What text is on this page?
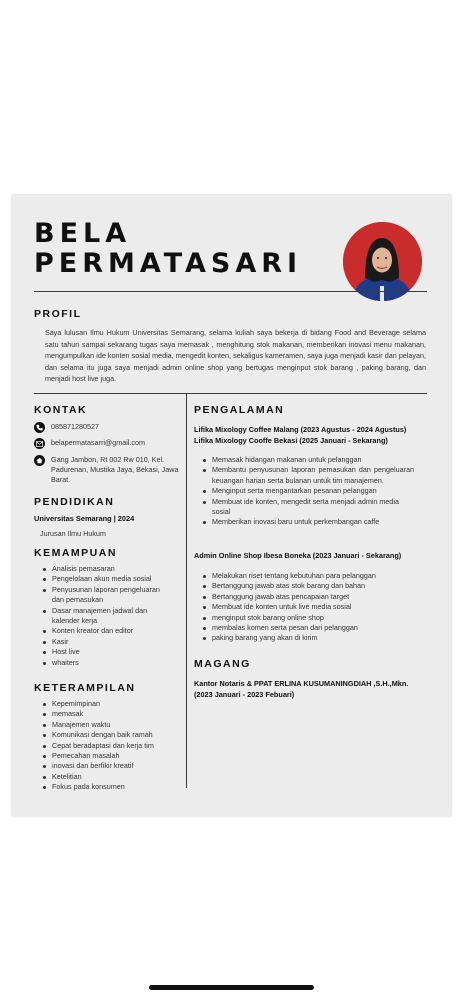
BELA
PERMATASARI
PROFIL
Saya lulusan Ilmu Hukum Universitas Semarang, selama kuliah saya bekerja di bidang Food and Beverage selama satu tahun sampai sekarang tugas saya memasak , menghitung stok makanan, memberikan inovasi menu makanan, mengumpulkan ide konten sosial media, mengedit konten, sekaligus kameramen, saya juga menjadi kasir dan pelayan, dan selama itu juga saya menjadi admin online shop yang bertugas menginput stok barang , paking barang, dan menjadi host live juga.
KONTAK
085871280527
belapermatasarri@gmail.com
Gang Jambon, Rt 002 Rw 010, Kel. Padurenan, Mustika Jaya, Bekasi, Jawa Barat.
PENDIDIKAN
Universitas Semarang | 2024
Jurusan Ilmu Hukum
KEMAMPUAN
Analisis pemasaran
Pengelolaan akun media sosial
Penyusunan laporan pengeluaran dan pemasukan
Dasar manajemen jadwal dan kalender kerja
Konten kreator dan editor
Kasir
Host live
whaiters
KETERAMPILAN
Kepemimpinan
memasak
Manajemen waktu
Komunikasi dengan baik ramah
Cepat beradaptasi dan kerja tim
Pemecahan masalah
inovasi dan berfikir kreatif
Ketelitian
Fokus pada konsumen
PENGALAMAN
Lifika Mixology Coffee Malang (2023 Agustus - 2024 Agustus)
Lifika Mixology Cooffe Bekasi (2025 Januari - Sekarang)
Memasak hidangan makanan untuk pelanggan
Membantu penyusunan laporan pemasukan dan pengeluaran keuangan harian serta bulanan untuk tim manajemen.
Menginput serta mengantarkan pesanan pelanggan
Membuat ide konten, mengedit serta menjadi admin media sosial
Memberikan inovasi baru untuk perkembangan caffe
Admin Online Shop Ibesa Boneka (2023 Januari - Sekarang)
Melakukan riset tentang kebutuhan para pelanggan
Bertanggung jawab atas stok barang dan bahan
Bertanggung jawab atas pencapaian target
Membuat ide konten untuk live media sosial
menginput stok barang online shop
membalas komen serta pesan dari pelanggan
paking barang yang akan di kirim
MAGANG
Kantor Notaris & PPAT ERLINA KUSUMANINGDIAH ,S.H.,Mkn.
(2023 Januari - 2023 Febuari)
